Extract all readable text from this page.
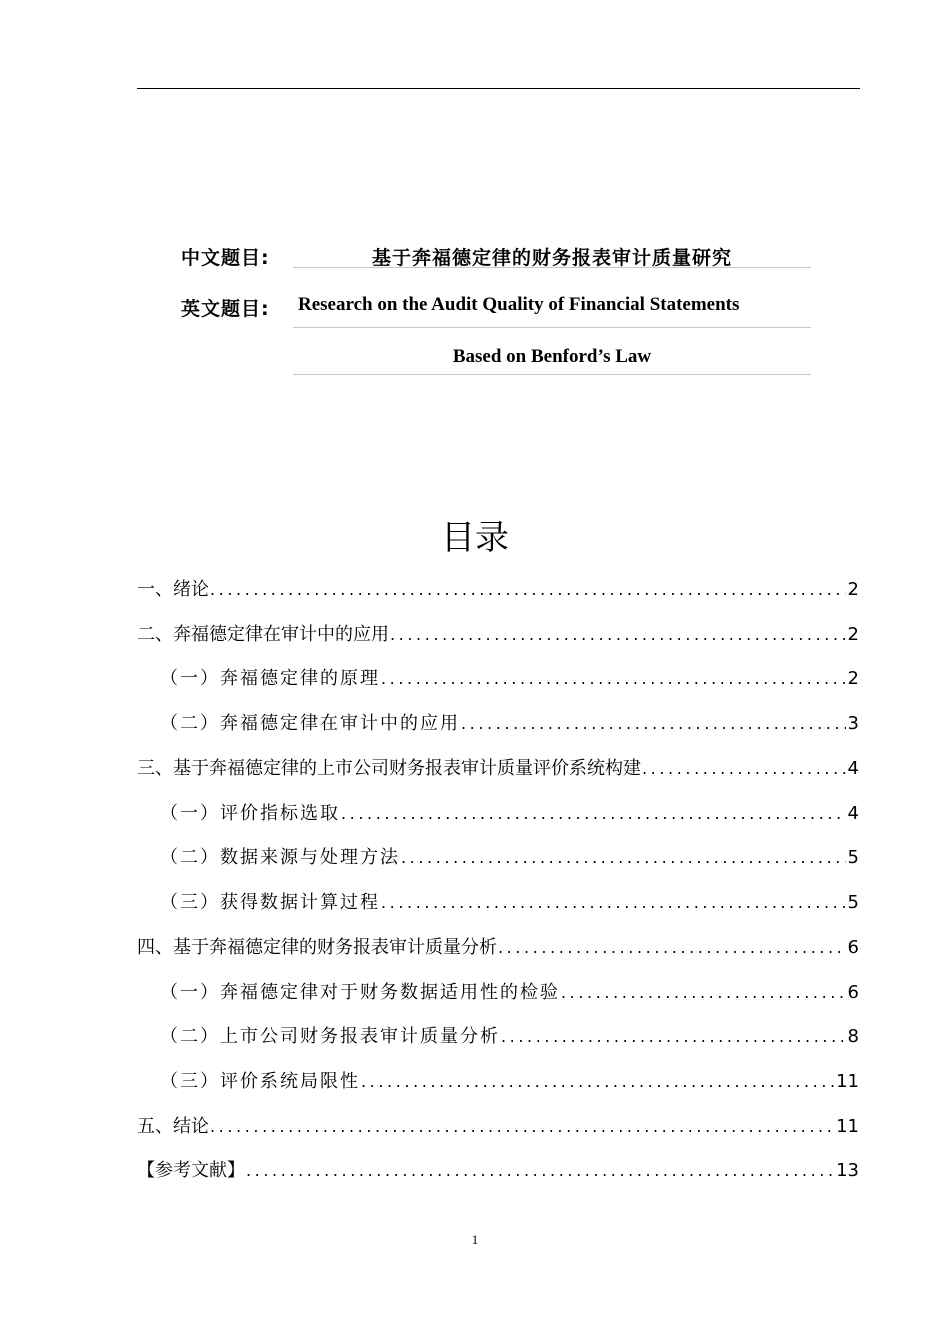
中文题目:	基于奔福德定律的财务报表审计质量研究
英文题目: Research on the Audit Quality of Financial Statements
Based on Benford’s Law
目录
一、绪论 .....	2
二、奔福德定律在审计中的应用 .....	2
（一）奔福德定律的原理 .....	2
（二）奔福德定律在审计中的应用 .....	3
三、基于奔福德定律的上市公司财务报表审计质量评价系统构建 .....	4
（一）评价指标选取 .....	4
（二）数据来源与处理方法 .....	5
（三）获得数据计算过程 .....	5
四、基于奔福德定律的财务报表审计质量分析 .....	6
（一）奔福德定律对于财务数据适用性的检验 .....	6
（二）上市公司财务报表审计质量分析 .....	8
（三）评价系统局限性 .....	11
五、结论 .....	11
【参考文献】 .....	13
1
